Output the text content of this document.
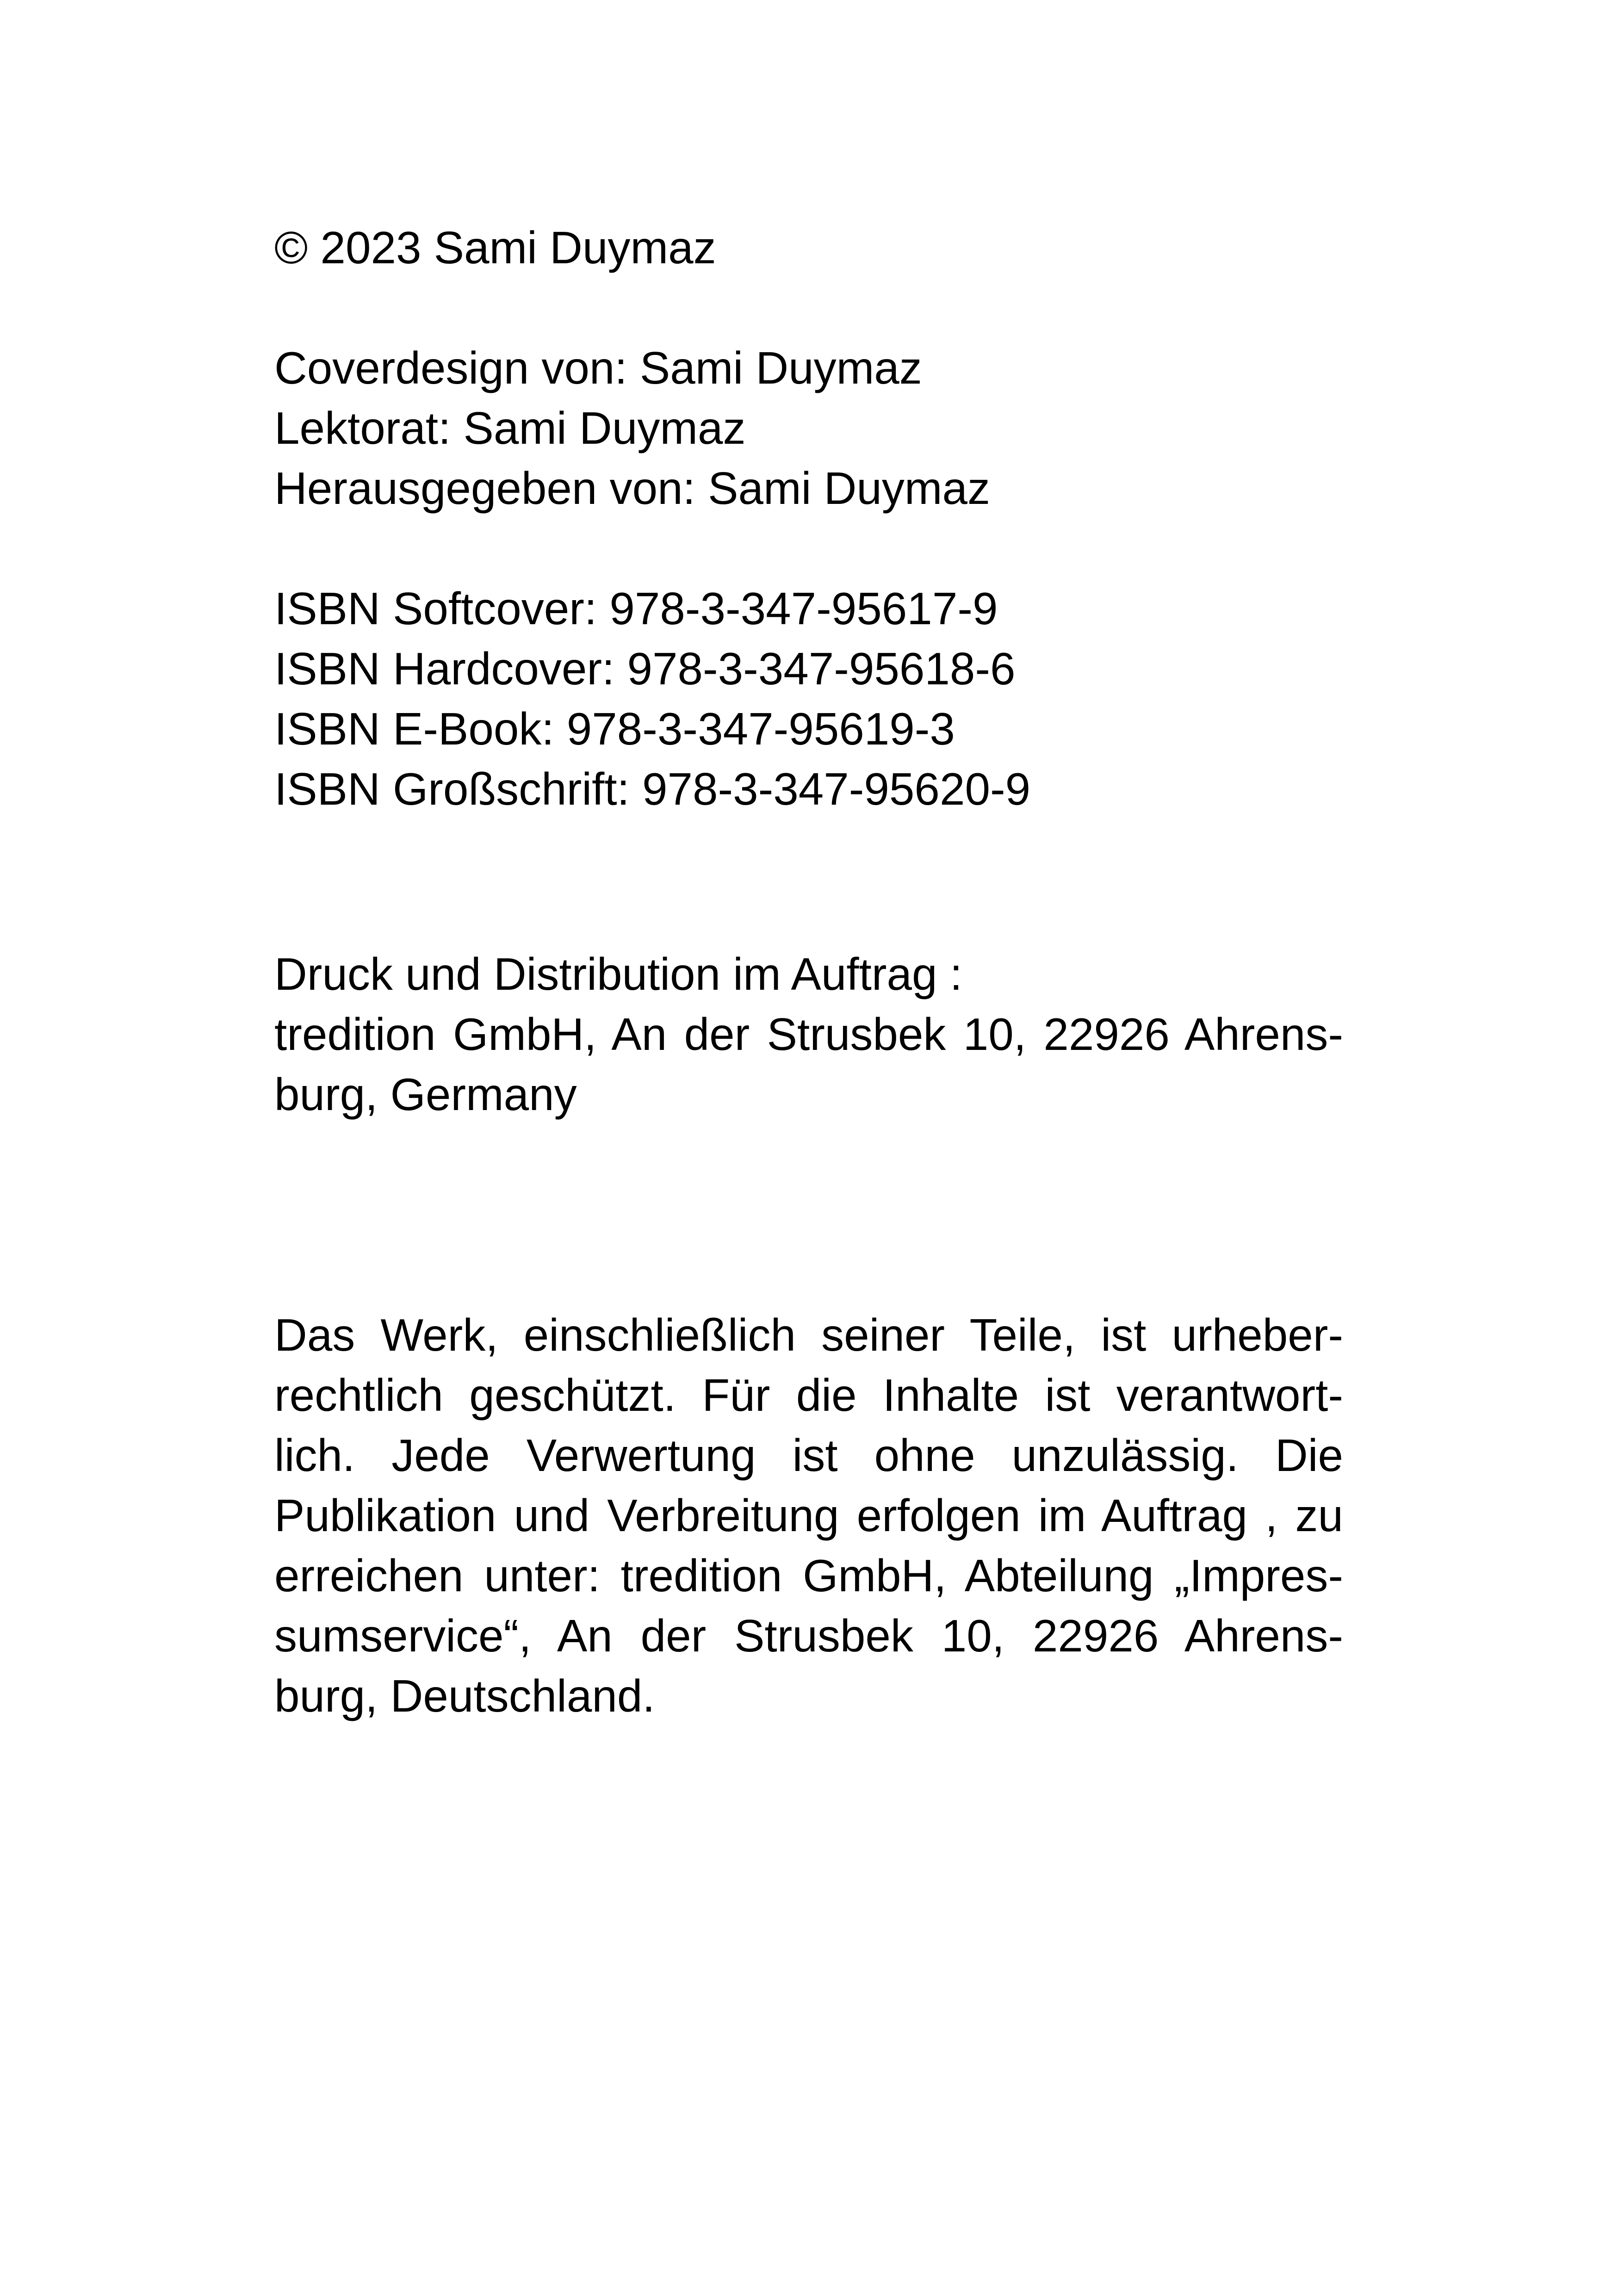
© 2023 Sami Duymaz
Coverdesign von: Sami Duymaz
Lektorat: Sami Duymaz
Herausgegeben von: Sami Duymaz
ISBN Softcover: 978-3-347-95617-9
ISBN Hardcover: 978-3-347-95618-6
ISBN E-Book: 978-3-347-95619-3
ISBN Großschrift: 978-3-347-95620-9
Druck und Distribution im Auftrag :
tredition GmbH, An der Strusbek 10, 22926 Ahrens-
burg, Germany
Das Werk, einschließlich seiner Teile, ist urheber-
rechtlich geschützt. Für die Inhalte ist verantwort-
lich. Jede Verwertung ist ohne unzulässig. Die
Publikation und Verbreitung erfolgen im Auftrag , zu
erreichen unter: tredition GmbH, Abteilung „Impres-
sumservice“, An der Strusbek 10, 22926 Ahrens-
burg, Deutschland.
